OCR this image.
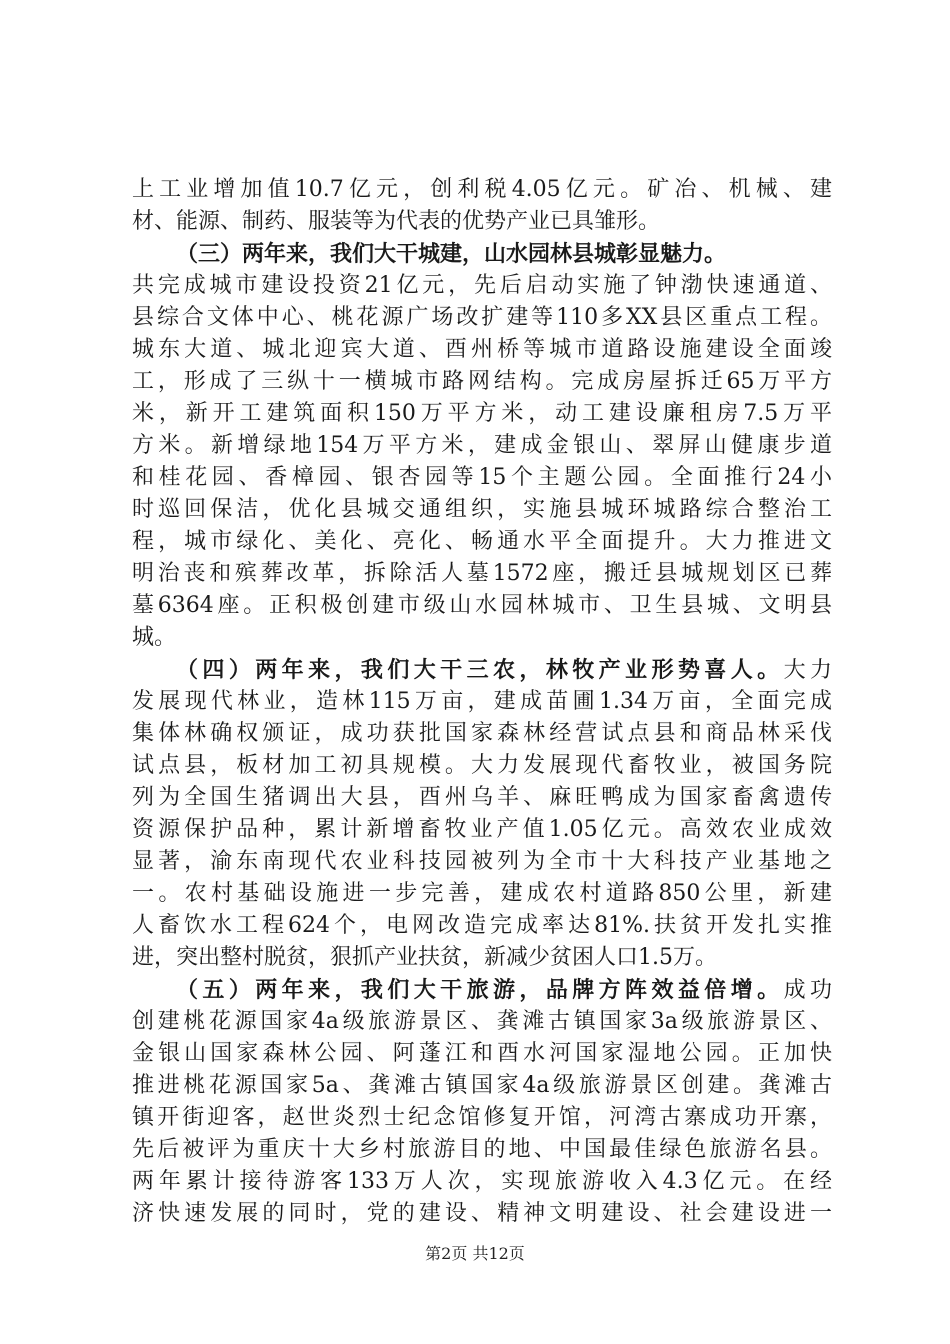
上工业增加值10.7亿元，创利税4.05亿元。矿冶、机械、建
材、能源、制药、服装等为代表的优势产业已具雏形。
（三）两年来，我们大干城建，山水园林县城彰显魅力。
共完成城市建设投资21亿元，先后启动实施了钟渤快速通道、
县综合文体中心、桃花源广场改扩建等110多XX县区重点工程。
城东大道、城北迎宾大道、酉州桥等城市道路设施建设全面竣
工，形成了三纵十一横城市路网结构。完成房屋拆迁65万平方
米，新开工建筑面积150万平方米，动工建设廉租房7.5万平
方米。新增绿地154万平方米，建成金银山、翠屏山健康步道
和桂花园、香樟园、银杏园等15个主题公园。全面推行24小
时巡回保洁，优化县城交通组织，实施县城环城路综合整治工
程，城市绿化、美化、亮化、畅通水平全面提升。大力推进文
明治丧和殡葬改革，拆除活人墓1572座，搬迁县城规划区已葬
墓6364座。正积极创建市级山水园林城市、卫生县城、文明县
城。
（四）两年来，我们大干三农，林牧产业形势喜人。大力
发展现代林业，造林115万亩，建成苗圃1.34万亩，全面完成
集体林确权颁证，成功获批国家森林经营试点县和商品林采伐
试点县，板材加工初具规模。大力发展现代畜牧业，被国务院
列为全国生猪调出大县，酉州乌羊、麻旺鸭成为国家畜禽遗传
资源保护品种，累计新增畜牧业产值1.05亿元。高效农业成效
显著，渝东南现代农业科技园被列为全市十大科技产业基地之
一。农村基础设施进一步完善，建成农村道路850公里，新建
人畜饮水工程624个，电网改造完成率达81%.扶贫开发扎实推
进，突出整村脱贫，狠抓产业扶贫，新减少贫困人口1.5万。
（五）两年来，我们大干旅游，品牌方阵效益倍增。成功
创建桃花源国家4a级旅游景区、龚滩古镇国家3a级旅游景区、
金银山国家森林公园、阿蓬江和酉水河国家湿地公园。正加快
推进桃花源国家5a、龚滩古镇国家4a级旅游景区创建。龚滩古
镇开街迎客，赵世炎烈士纪念馆修复开馆，河湾古寨成功开寨，
先后被评为重庆十大乡村旅游目的地、中国最佳绿色旅游名县。
两年累计接待游客133万人次，实现旅游收入4.3亿元。在经
济快速发展的同时，党的建设、精神文明建设、社会建设进一
第2页 共12页
